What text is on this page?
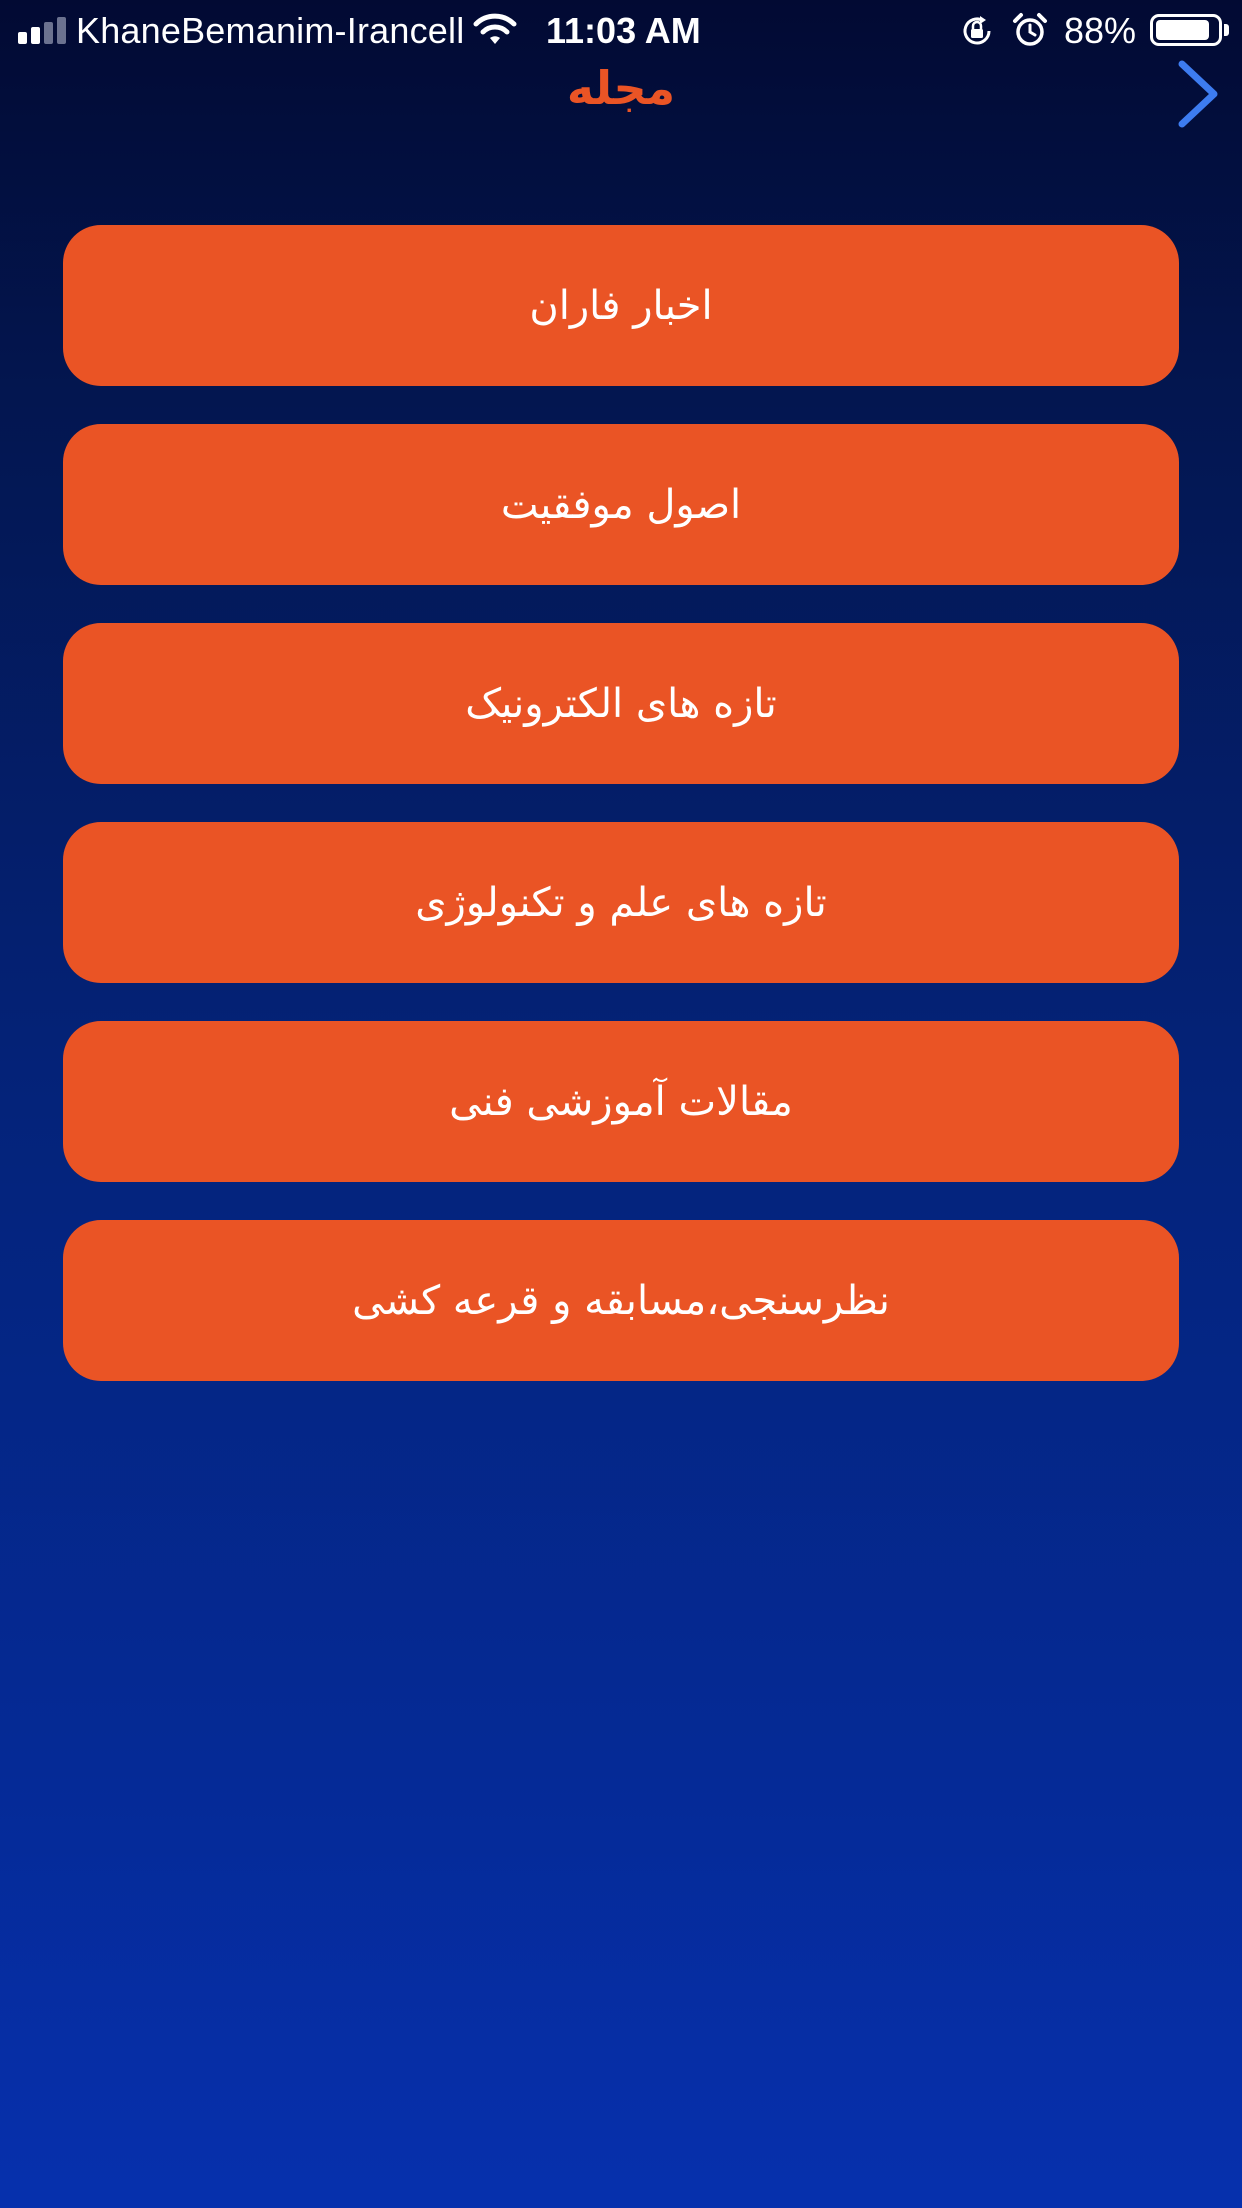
KhaneBemanim-Irancell 11:03 AM	88%
مجله
اخبار فاران
اصول موفقیت
تازه های الکترونیک
تازه های علم و تکنولوژی
مقالات آموزشی فنی
نظرسنجی،مسابقه و قرعه کشی
